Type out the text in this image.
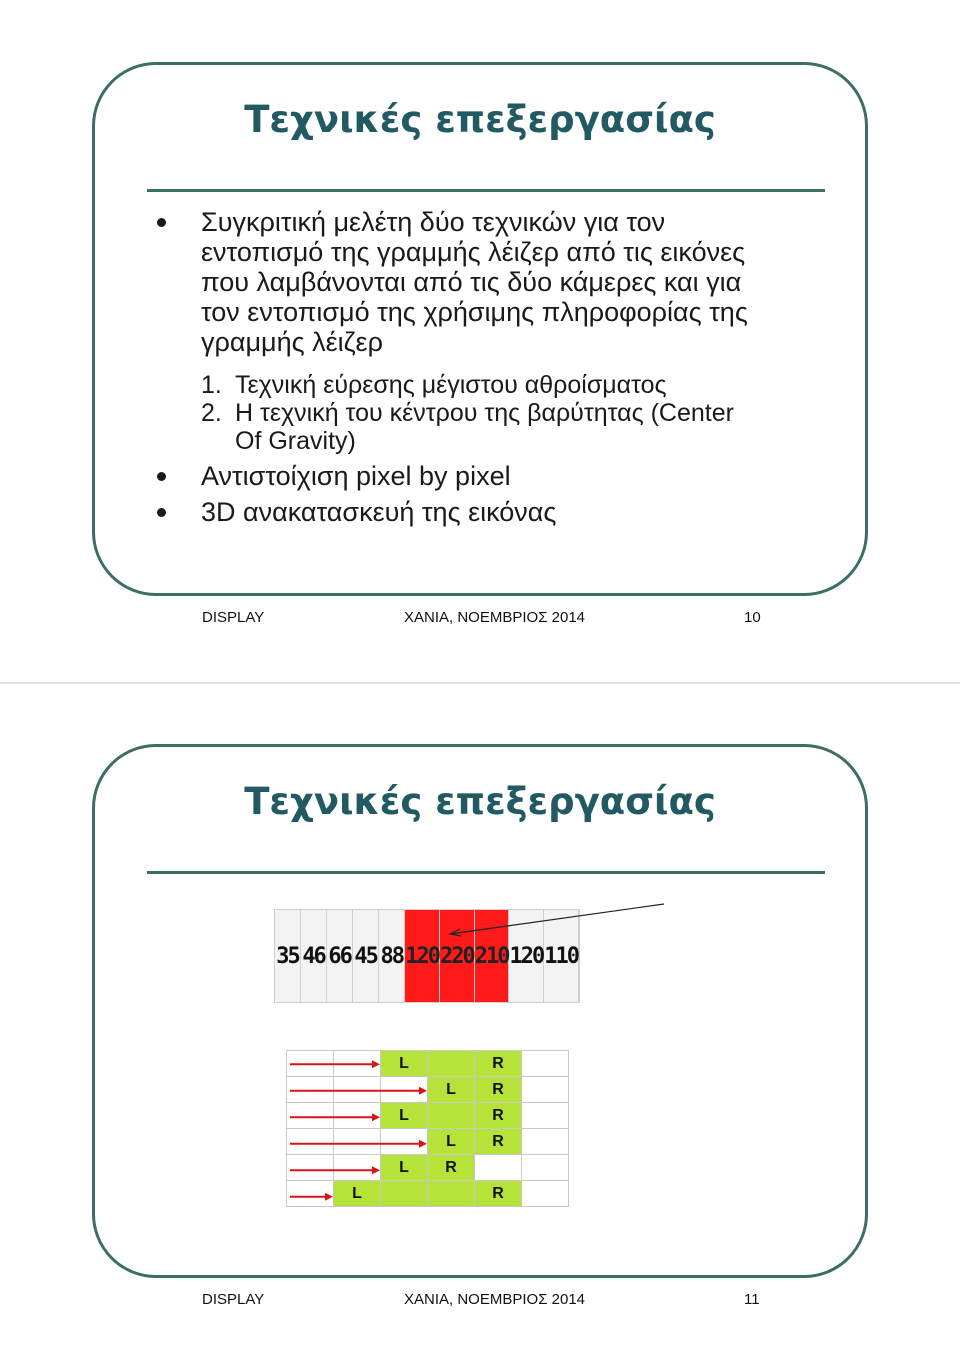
Τεχνικές επεξεργασίας
Συγκριτική μελέτη δύο τεχνικών για τον
εντοπισμό της γραμμής λέιζερ από τις εικόνες
που λαμβάνονται από τις δύο κάμερες και για
τον εντοπισμό της χρήσιμης πληροφορίας της
γραμμής λέιζερ
1. Τεχνική εύρεσης μέγιστου αθροίσματος
2. Η τεχνική του κέντρου της βαρύτητας (Center
Of Gravity)
Αντιστοίχιση pixel by pixel
3D ανακατασκευή της εικόνας
DISPLAY	ΧΑΝΙΑ, ΝΟΕΜΒΡΙΟΣ 2014	10
Τεχνικές επεξεργασίας
35 46 66 45 88 120 220 210 120 110
		L		R	
			L	R	
		L		R	
			L	R	
		L	R		
	L			R	
DISPLAY	ΧΑΝΙΑ, ΝΟΕΜΒΡΙΟΣ 2014	11
